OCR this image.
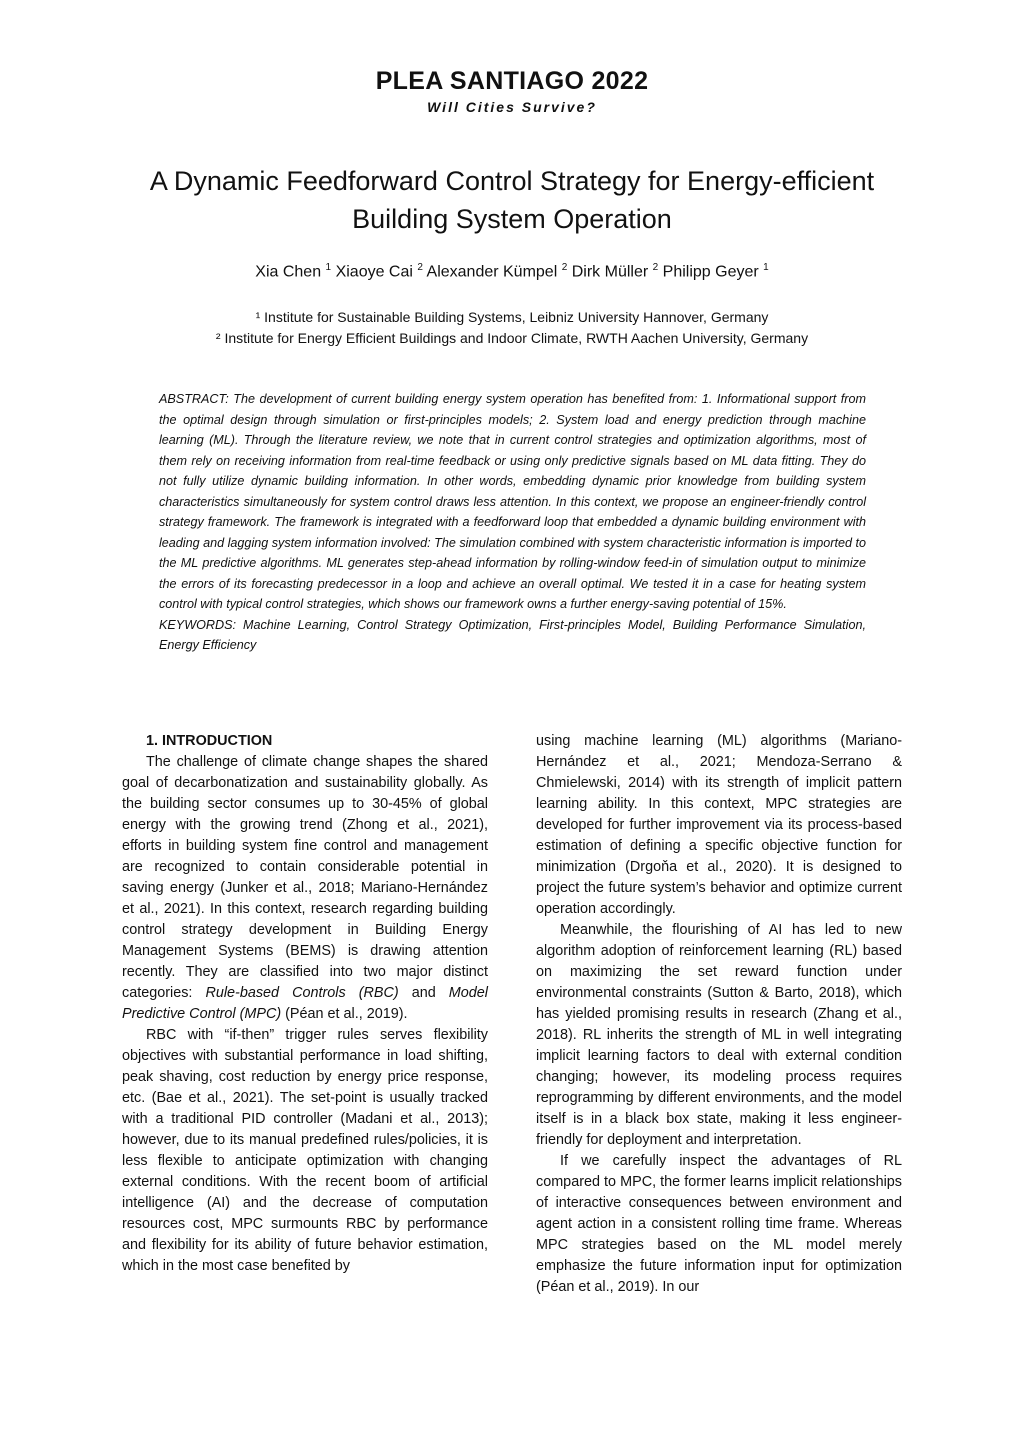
PLEA SANTIAGO 2022
Will Cities Survive?
A Dynamic Feedforward Control Strategy for Energy-efficient Building System Operation
Xia Chen $^1$ Xiaoye Cai $^2$ Alexander Kümpel $^2$ Dirk Müller $^2$ Philipp Geyer $^1$
¹ Institute for Sustainable Building Systems, Leibniz University Hannover, Germany
² Institute for Energy Efficient Buildings and Indoor Climate, RWTH Aachen University, Germany

ABSTRACT: The development of current building energy system operation has benefited from: 1. Informational support from the optimal design through simulation or first-principles models; 2. System load and energy prediction through machine learning (ML). Through the literature review, we note that in current control strategies and optimization algorithms, most of them rely on receiving information from real-time feedback or using only predictive signals based on ML data fitting. They do not fully utilize dynamic building information. In other words, embedding dynamic prior knowledge from building system characteristics simultaneously for system control draws less attention. In this context, we propose an engineer-friendly control strategy framework. The framework is integrated with a feedforward loop that embedded a dynamic building environment with leading and lagging system information involved: The simulation combined with system characteristic information is imported to the ML predictive algorithms. ML generates step-ahead information by rolling-window feed-in of simulation output to minimize the errors of its forecasting predecessor in a loop and achieve an overall optimal. We tested it in a case for heating system control with typical control strategies, which shows our framework owns a further energy-saving potential of 15%.

KEYWORDS: Machine Learning, Control Strategy Optimization, First-principles Model, Building Performance Simulation, Energy Efficiency

1. INTRODUCTION

The challenge of climate change shapes the shared goal of decarbonatization and sustainability globally. As the building sector consumes up to 30-45% of global energy with the growing trend (Zhong et al., 2021), efforts in building system fine control and management are recognized to contain considerable potential in saving energy (Junker et al., 2018; Mariano-Hernández et al., 2021). In this context, research regarding building control strategy development in Building Energy Management Systems (BEMS) is drawing attention recently. They are classified into two major distinct categories: Rule-based Controls (RBC) and Model Predictive Control (MPC) (Péan et al., 2019).

RBC with “if-then” trigger rules serves flexibility objectives with substantial performance in load shifting, peak shaving, cost reduction by energy price response, etc. (Bae et al., 2021). The set-point is usually tracked with a traditional PID controller (Madani et al., 2013); however, due to its manual predefined rules/policies, it is less flexible to anticipate optimization with changing external conditions. With the recent boom of artificial intelligence (AI) and the decrease of computation resources cost, MPC surmounts RBC by performance and flexibility for its ability of future behavior estimation, which in the most case benefited by

using machine learning (ML) algorithms (Mariano-Hernández et al., 2021; Mendoza-Serrano & Chmielewski, 2014) with its strength of implicit pattern learning ability. In this context, MPC strategies are developed for further improvement via its process-based estimation of defining a specific objective function for minimization (Drgoňa et al., 2020). It is designed to project the future system’s behavior and optimize current operation accordingly.

Meanwhile, the flourishing of AI has led to new algorithm adoption of reinforcement learning (RL) based on maximizing the set reward function under environmental constraints (Sutton & Barto, 2018), which has yielded promising results in research (Zhang et al., 2018). RL inherits the strength of ML in well integrating implicit learning factors to deal with external condition changing; however, its modeling process requires reprogramming by different environments, and the model itself is in a black box state, making it less engineer-friendly for deployment and interpretation.

If we carefully inspect the advantages of RL compared to MPC, the former learns implicit relationships of interactive consequences between environment and agent action in a consistent rolling time frame. Whereas MPC strategies based on the ML model merely emphasize the future information input for optimization (Péan et al., 2019). In our
